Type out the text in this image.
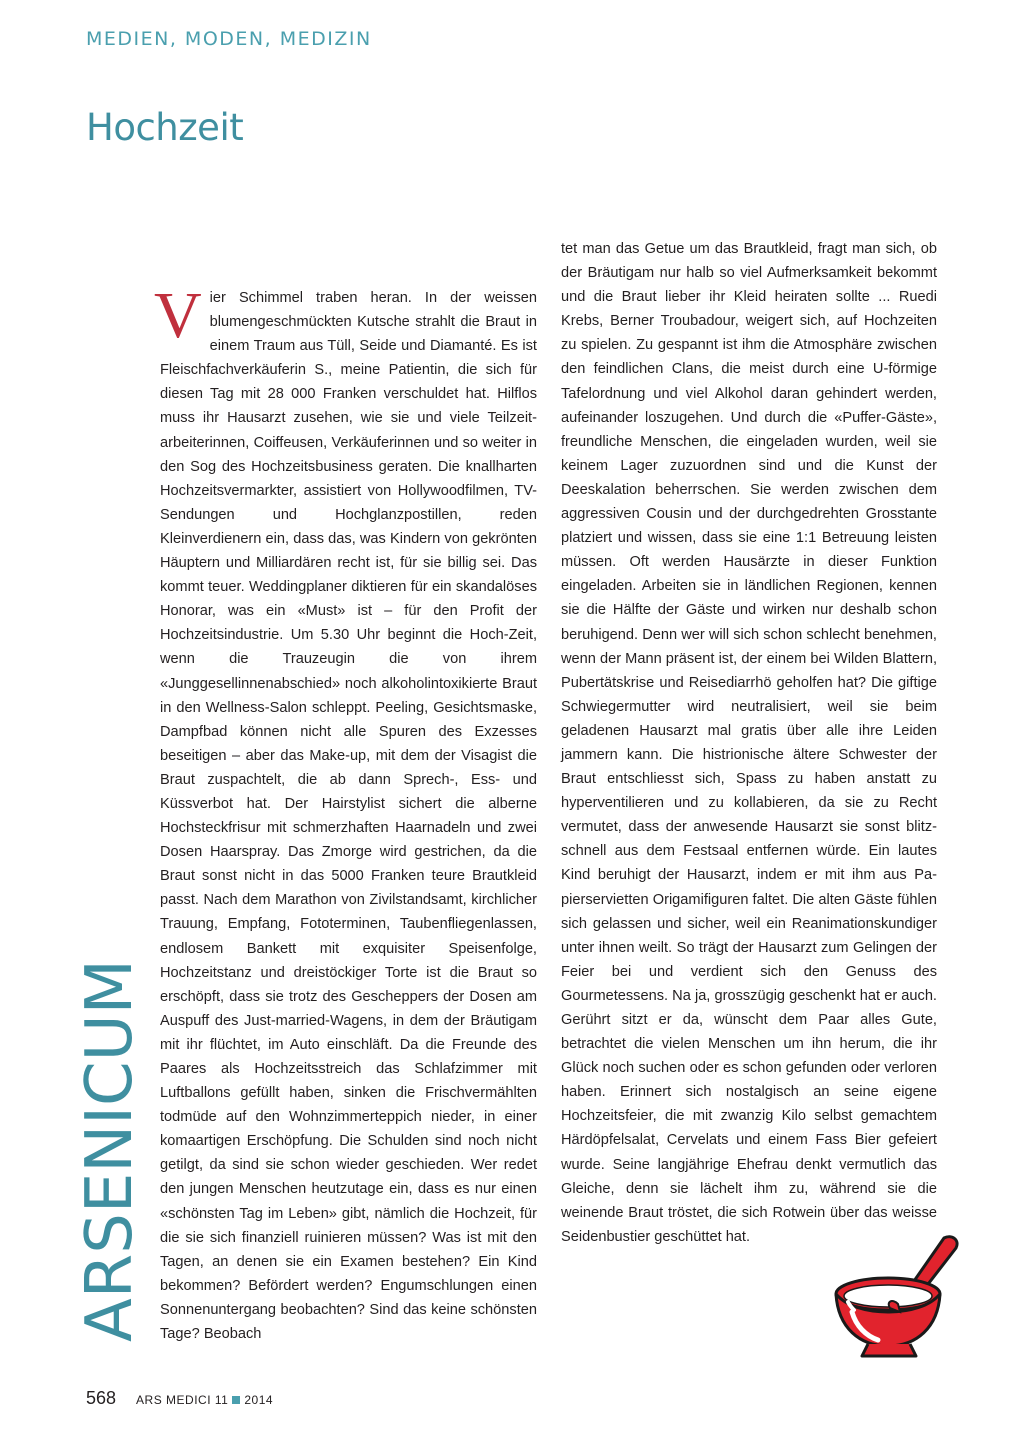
MEDIEN, MODEN, MEDIZIN
Hochzeit
Vier Schimmel traben heran. In der weissen blumengeschmückten Kutsche strahlt die Braut in einem Traum aus Tüll, Seide und Diamanté. Es ist Fleischfachverkäuferin S., meine Patientin, die sich für diesen Tag mit 28 000 Franken verschuldet hat. Hilflos muss ihr Hausarzt zusehen, wie sie und viele Teilzeitarbeiterinnen, Coiffeusen, Verkäuferinnen und so weiter in den Sog des Hochzeitsbusiness geraten. Die knallharten Hochzeitsvermarkter, assistiert von Hollywoodfilmen, TV-Sendungen und Hochglanzpostillen, reden Kleinverdienern ein, dass das, was Kindern von gekrönten Häuptern und Milliardären recht ist, für sie billig sei. Das kommt teuer. Weddingplaner diktieren für ein skandalöses Honorar, was ein «Must» ist – für den Profit der Hochzeitsindustrie. Um 5.30 Uhr beginnt die Hoch-Zeit, wenn die Trauzeugin die von ihrem «Junggesellinnenabschied» noch alkoholintoxikierte Braut in den Wellness-Salon schleppt. Peeling, Gesichtsmaske, Dampfbad können nicht alle Spuren des Exzesses beseitigen – aber das Make-up, mit dem der Visagist die Braut zuspachtelt, die ab dann Sprech-, Ess- und Küssverbot hat. Der Hairstylist sichert die alberne Hochsteckfrisur mit schmerzhaften Haarnadeln und zwei Dosen Haarspray. Das Zmorge wird gestrichen, da die Braut sonst nicht in das 5000 Franken teure Brautkleid passt. Nach dem Marathon von Zivilstandsamt, kirchlicher Trauung, Empfang, Fototerminen, Taubenfliegenlassen, endlosem Bankett mit exquisiter Speisenfolge, Hochzeitstanz und dreistöckiger Torte ist die Braut so erschöpft, dass sie trotz des Gescheppers der Dosen am Auspuff des Just-married-Wagens, in dem der Bräutigam mit ihr flüchtet, im Auto einschläft. Da die Freunde des Paares als Hochzeitsstreich das Schlafzimmer mit Luftballons gefüllt haben, sinken die Frischvermählten todmüde auf den Wohnzimmerteppich nieder, in einer komaartigen Erschöpfung. Die Schulden sind noch nicht getilgt, da sind sie schon wieder geschieden. Wer redet den jungen Menschen heutzutage ein, dass es nur einen «schönsten Tag im Leben» gibt, nämlich die Hochzeit, für die sie sich finanziell ruinieren müssen? Was ist mit den Tagen, an denen sie ein Examen bestehen? Ein Kind bekommen? Befördert werden? Engumschlungen einen Sonnenuntergang beobachten? Sind das keine schönsten Tage? Beobach
tet man das Getue um das Brautkleid, fragt man sich, ob der Bräutigam nur halb so viel Aufmerksamkeit bekommt und die Braut lieber ihr Kleid heiraten sollte ... Ruedi Krebs, Berner Troubadour, weigert sich, auf Hochzeiten zu spielen. Zu gespannt ist ihm die Atmosphäre zwischen den feindlichen Clans, die meist durch eine U-förmige Tafelordnung und viel Alkohol daran gehindert werden, aufeinander loszugehen. Und durch die «Puffer-Gäste», freundliche Menschen, die eingeladen wurden, weil sie keinem Lager zuzuordnen sind und die Kunst der Deeskalation beherrschen. Sie werden zwischen dem aggressiven Cousin und der durchgedrehten Grosstante platziert und wissen, dass sie eine 1:1 Betreuung leisten müssen. Oft werden Hausärzte in dieser Funktion eingeladen. Arbeiten sie in ländlichen Regionen, kennen sie die Hälfte der Gäste und wirken nur deshalb schon beruhigend. Denn wer will sich schon schlecht benehmen, wenn der Mann präsent ist, der einem bei Wilden Blattern, Pubertätskrise und Reisediarrhö geholfen hat? Die giftige Schwiegermutter wird neutralisiert, weil sie beim geladenen Hausarzt mal gratis über alle ihre Leiden jammern kann. Die histrionische ältere Schwester der Braut entschliesst sich, Spass zu haben anstatt zu hyperventilieren und zu kollabieren, da sie zu Recht vermutet, dass der anwesende Hausarzt sie sonst blitzschnell aus dem Festsaal entfernen würde. Ein lautes Kind beruhigt der Hausarzt, indem er mit ihm aus Papierservietten Origamifiguren faltet. Die alten Gäste fühlen sich gelassen und sicher, weil ein Reanimationskundiger unter ihnen weilt. So trägt der Hausarzt zum Gelingen der Feier bei und verdient sich den Genuss des Gourmetessens. Na ja, grosszügig geschenkt hat er auch. Gerührt sitzt er da, wünscht dem Paar alles Gute, betrachtet die vielen Menschen um ihn herum, die ihr Glück noch suchen oder es schon gefunden oder verloren haben. Erinnert sich nostalgisch an seine eigene Hochzeitsfeier, die mit zwanzig Kilo selbst gemachtem Härdöpfelsalat, Cervelats und einem Fass Bier gefeiert wurde. Seine langjährige Ehefrau denkt vermutlich das Gleiche, denn sie lächelt ihm zu, während sie die weinende Braut tröstet, die sich Rotwein über das weisse Seidenbustier geschüttet hat.
ARSENICUM
568 ARS MEDICI 11 2014
